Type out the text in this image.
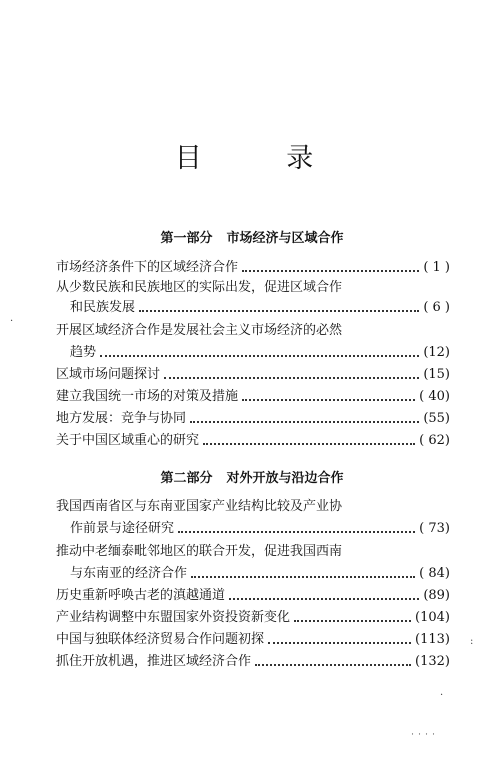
目 录
第一部分 市场经济与区域合作
市场经济条件下的区域经济合作	( 1 )
从少数民族和民族地区的实际出发，促进区域合作
和民族发展	( 6 )
开展区域经济合作是发展社会主义市场经济的必然
趋势	(12)
区域市场问题探讨	(15)
建立我国统一市场的对策及措施	( 40)
地方发展：竞争与协同	(55)
关于中国区域重心的研究	( 62)
第二部分 对外开放与沿边合作
我国西南省区与东南亚国家产业结构比较及产业协
作前景与途径研究	( 73)
推动中老缅泰毗邻地区的联合开发，促进我国西南
与东南亚的经济合作	( 84)
历史重新呼唤古老的滇越通道	(89)
产业结构调整中东盟国家外资投资新变化	(104)
中国与独联体经济贸易合作问题初探	(113)
抓住开放机遇，推进区域经济合作	(132)
·
:
·
˙˙˙˙
